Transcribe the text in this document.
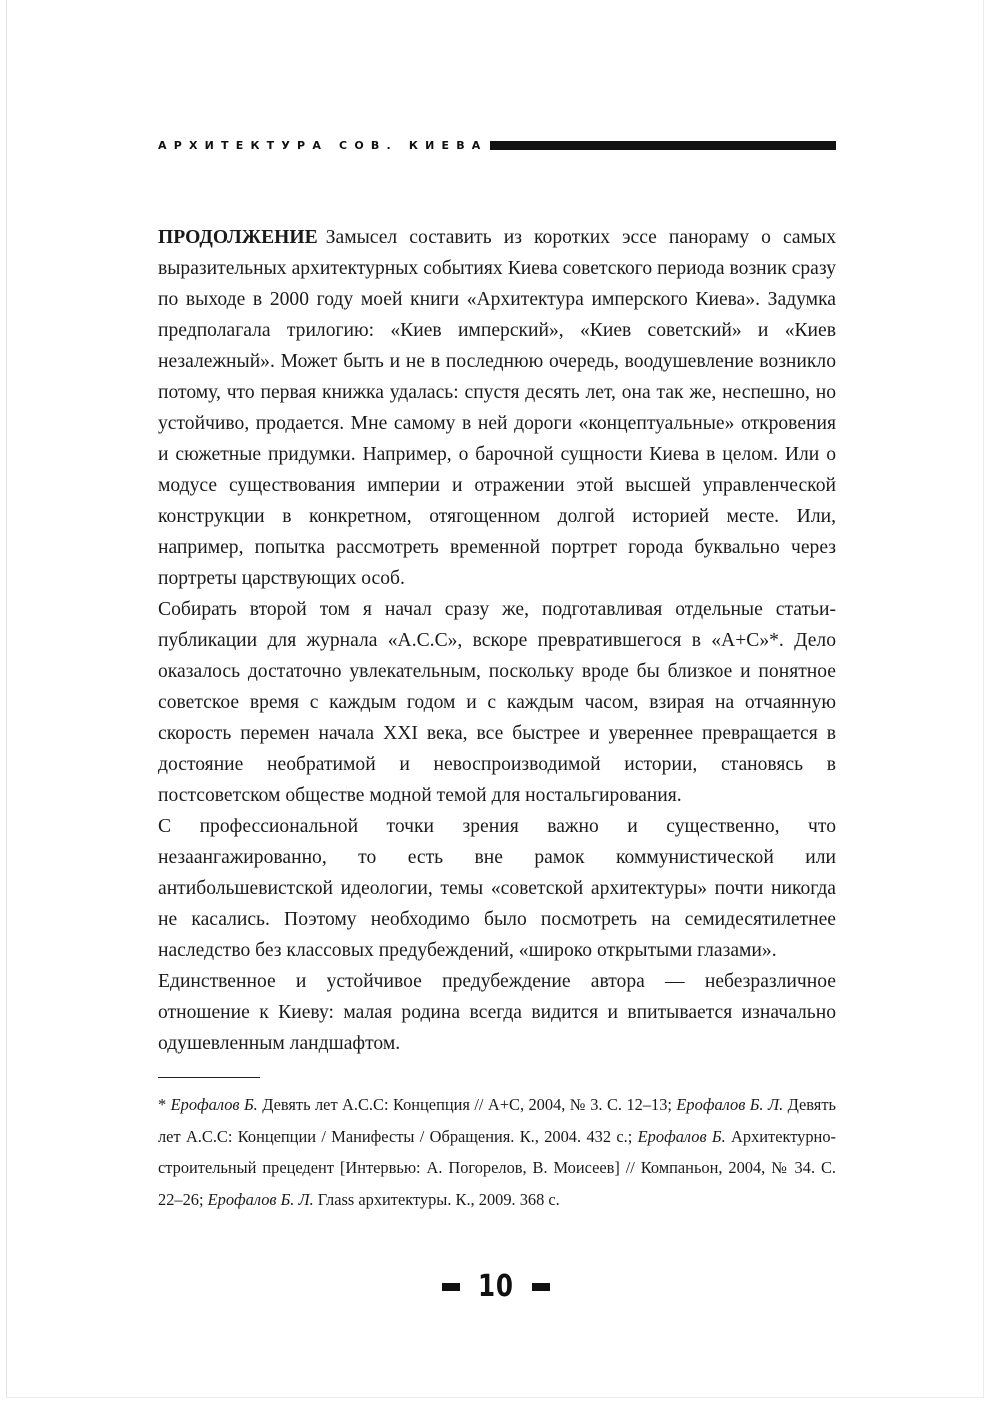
АРХИТЕКТУРА СОВ. КИЕВА

ПРОДОЛЖЕНИЕ Замысел составить из коротких эссе панораму о самых выразительных архитектурных событиях Киева советского периода возник сразу по выходе в 2000 году моей книги «Архитектура имперского Киева». Задумка предполагала трилогию: «Киев имперский», «Киев советский» и «Киев незалежный». Может быть и не в последнюю очередь, воодушевление возникло потому, что первая книжка удалась: спустя десять лет, она так же, неспешно, но устойчиво, продается. Мне самому в ней дороги «концептуальные» откровения и сюжетные придумки. Например, о барочной сущности Киева в целом. Или о модусе существования империи и отражении этой высшей управленческой конструкции в конкретном, отягощенном долгой историей месте. Или, например, попытка рассмотреть временной портрет города буквально через портреты царствующих особ.

Собирать второй том я начал сразу же, подготавливая отдельные статьи-публикации для журнала «А.С.С», вскоре превратившегося в «А+С»*. Дело оказалось достаточно увлекательным, поскольку вроде бы близкое и понятное советское время с каждым годом и с каждым часом, взирая на отчаянную скорость перемен начала XXI века, все быстрее и увереннее превращается в достояние необратимой и невоспроизводимой истории, становясь в постсоветском обществе модной темой для ностальгирования.

С профессиональной точки зрения важно и существенно, что незаангажированно, то есть вне рамок коммунистической или антибольшевистской идеологии, темы «советской архитектуры» почти никогда не касались. Поэтому необходимо было посмотреть на семидесятилетнее наследство без классовых предубеждений, «широко открытыми глазами».

Единственное и устойчивое предубеждение автора — небезразличное отношение к Киеву: малая родина всегда видится и впитывается изначально одушевленным ландшафтом.

* Ерофалов Б. Девять лет А.С.С: Концепция // А+С, 2004, № 3. С. 12–13; Ерофалов Б. Л. Девять лет А.С.С: Концепции / Манифесты / Обращения. К., 2004. 432 с.; Ерофалов Б. Архитектурно-строительный прецедент [Интервью: А. Погорелов, В. Моисеев] // Компаньон, 2004, № 34. С. 22–26; Ерофалов Б. Л. Глass архитектуры. К., 2009. 368 с.
10
